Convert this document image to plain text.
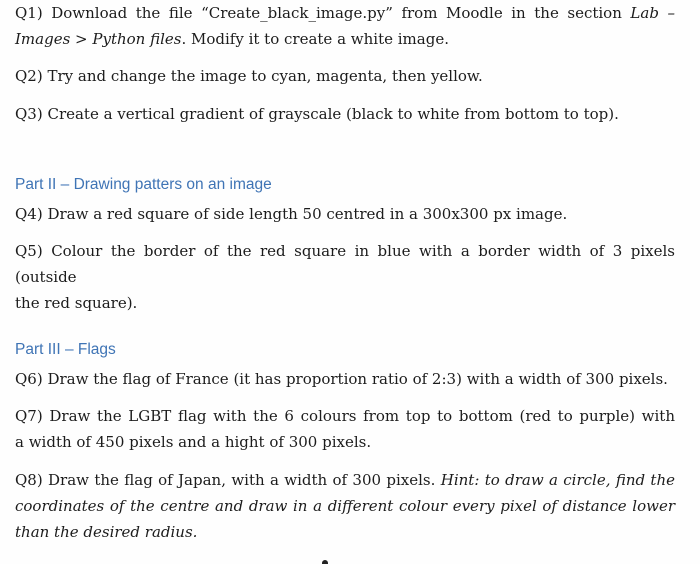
Q1) Download the file “Create_black_image.py” from Moodle in the section Lab –
Images > Python files. Modify it to create a white image.
Q2) Try and change the image to cyan, magenta, then yellow.
Q3) Create a vertical gradient of grayscale (black to white from bottom to top).
Part II – Drawing patters on an image
Q4) Draw a red square of side length 50 centred in a 300x300 px image.
Q5) Colour the border of the red square in blue with a border width of 3 pixels (outside
the red square).
Part III – Flags
Q6) Draw the flag of France (it has proportion ratio of 2:3) with a width of 300 pixels.
Q7) Draw the LGBT flag with the 6 colours from top to bottom (red to purple) with
a width of 450 pixels and a hight of 300 pixels.
Q8) Draw the flag of Japan, with a width of 300 pixels. Hint: to draw a circle, find the
coordinates of the centre and draw in a different colour every pixel of distance lower
than the desired radius.
